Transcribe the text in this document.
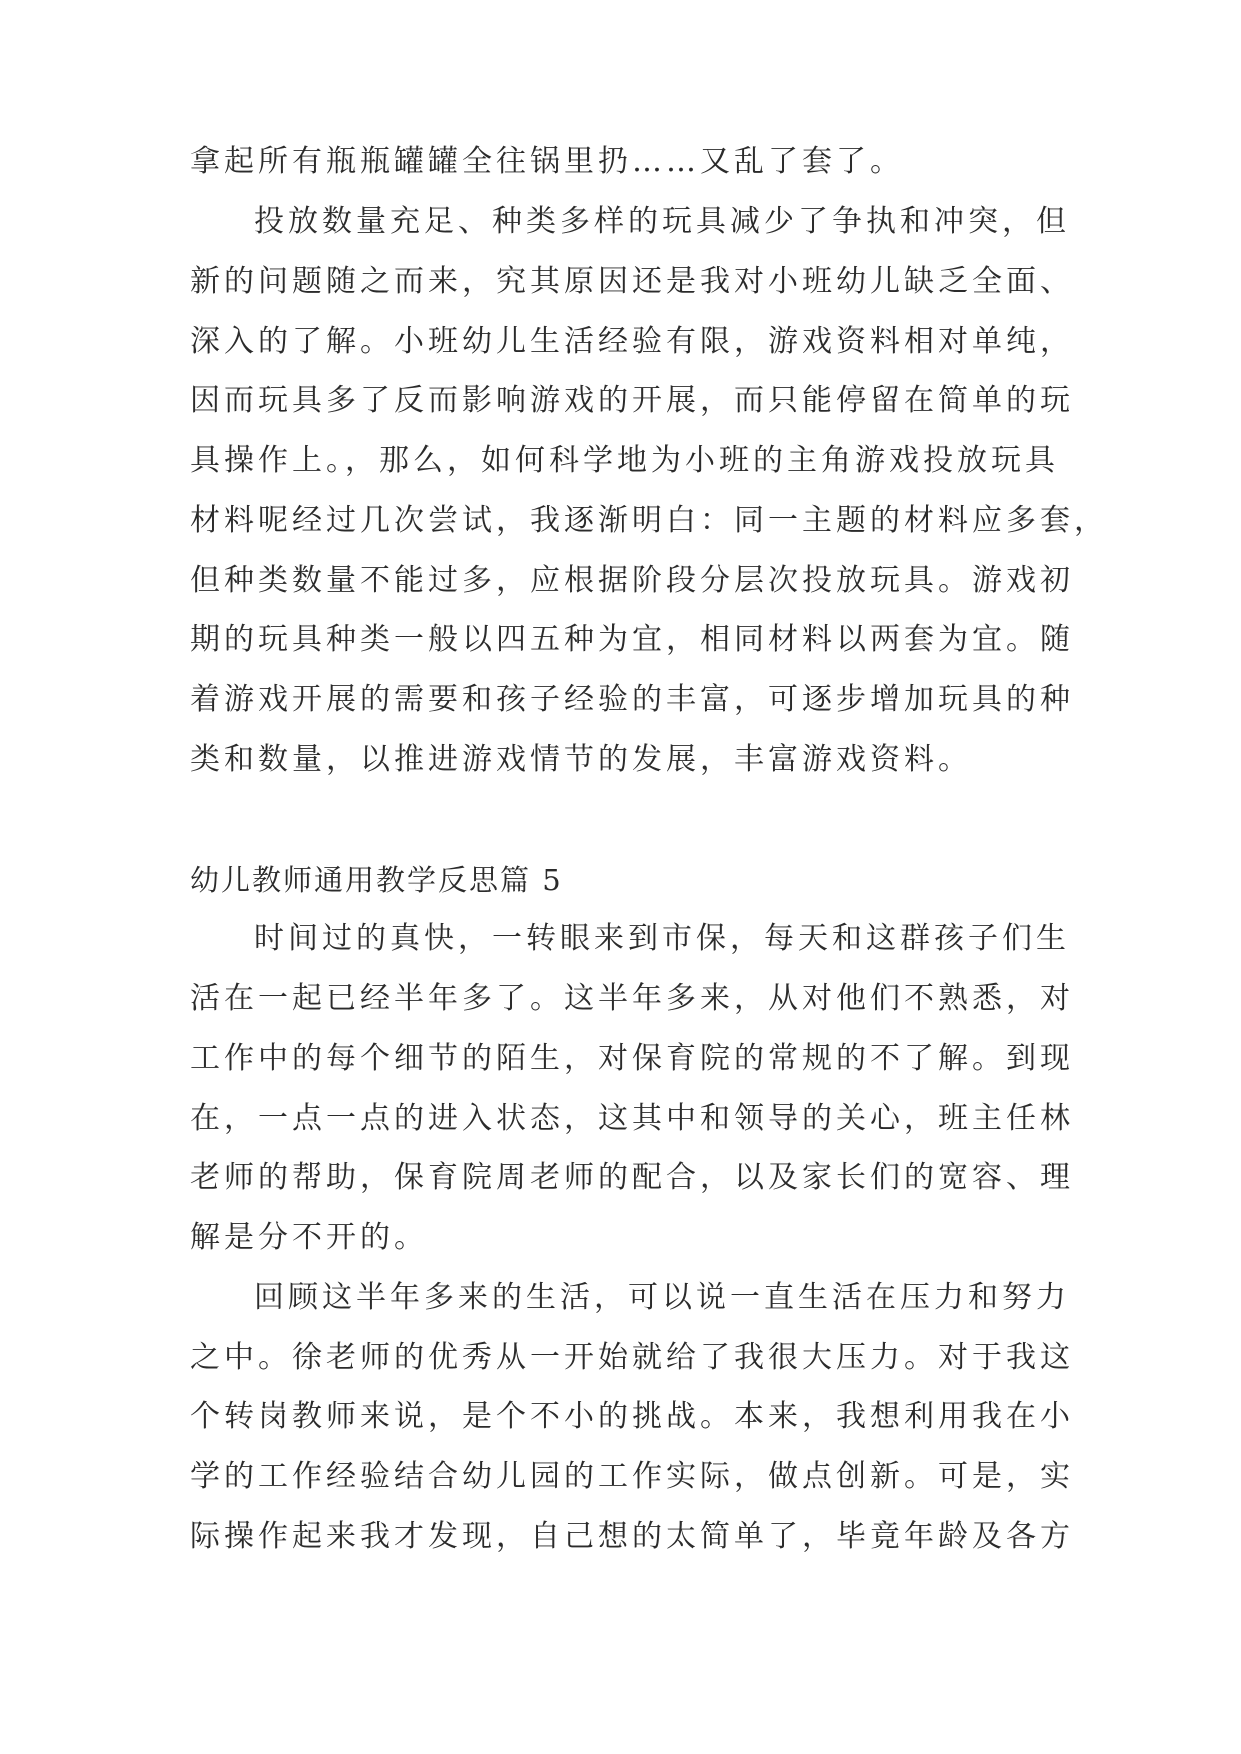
拿起所有瓶瓶罐罐全往锅里扔……又乱了套了。
投放数量充足、种类多样的玩具减少了争执和冲突，但
新的问题随之而来，究其原因还是我对小班幼儿缺乏全面、
深入的了解。小班幼儿生活经验有限，游戏资料相对单纯，
因而玩具多了反而影响游戏的开展，而只能停留在简单的玩
具操作上。，那么，如何科学地为小班的主角游戏投放玩具
材料呢经过几次尝试，我逐渐明白：同一主题的材料应多套，
但种类数量不能过多，应根据阶段分层次投放玩具。游戏初
期的玩具种类一般以四五种为宜，相同材料以两套为宜。随
着游戏开展的需要和孩子经验的丰富，可逐步增加玩具的种
类和数量，以推进游戏情节的发展，丰富游戏资料。
幼儿教师通用教学反思篇 5
时间过的真快，一转眼来到市保，每天和这群孩子们生
活在一起已经半年多了。这半年多来，从对他们不熟悉，对
工作中的每个细节的陌生，对保育院的常规的不了解。到现
在，一点一点的进入状态，这其中和领导的关心，班主任林
老师的帮助，保育院周老师的配合，以及家长们的宽容、理
解是分不开的。
回顾这半年多来的生活，可以说一直生活在压力和努力
之中。徐老师的优秀从一开始就给了我很大压力。对于我这
个转岗教师来说，是个不小的挑战。本来，我想利用我在小
学的工作经验结合幼儿园的工作实际，做点创新。可是，实
际操作起来我才发现，自己想的太简单了，毕竟年龄及各方
